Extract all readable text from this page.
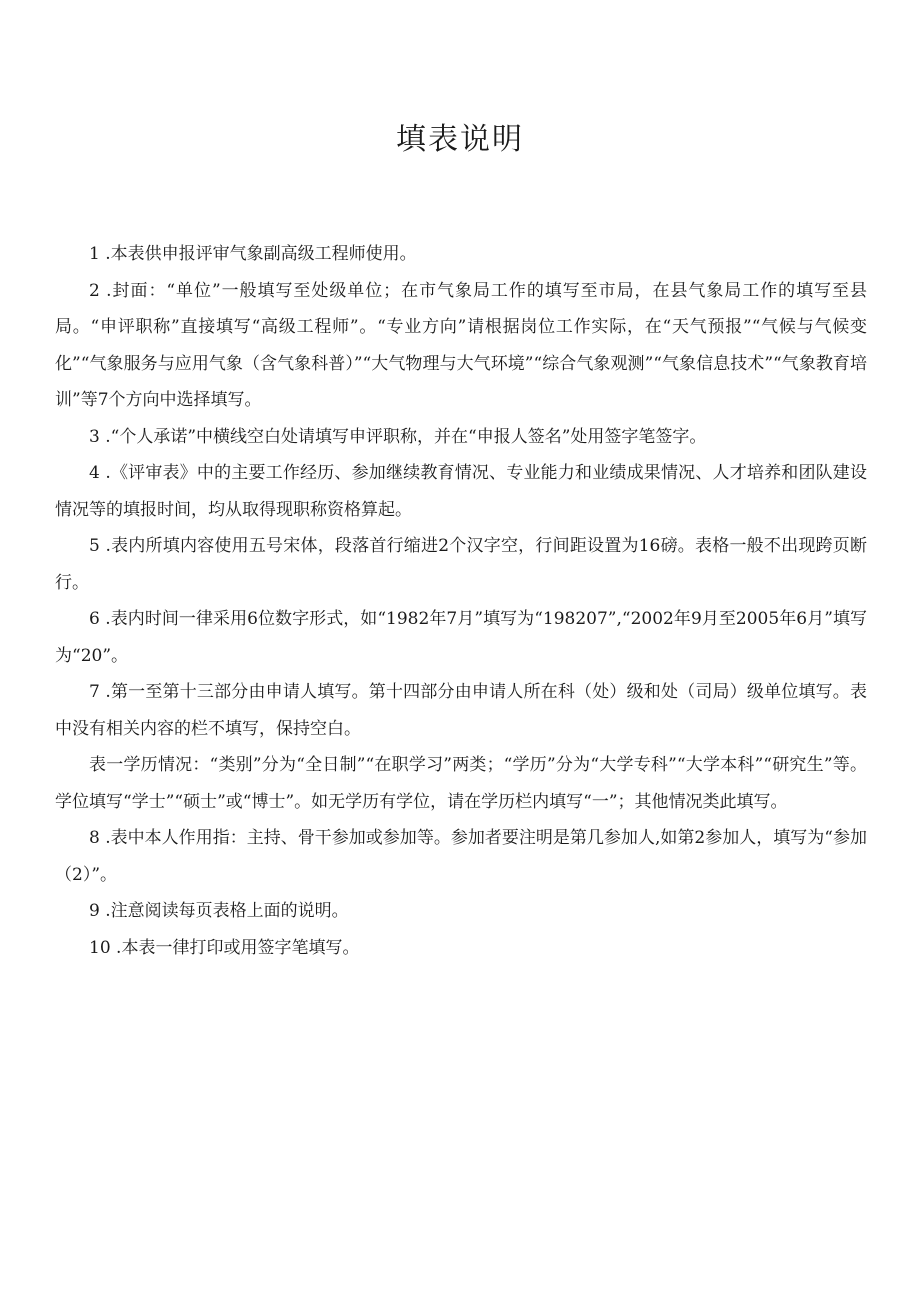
填表说明

1 .本表供申报评审气象副高级工程师使用。

2 .封面：“单位”一般填写至处级单位；在市气象局工作的填写至市局，在县气象局工作的填写至县局。“申评职称”直接填写“高级工程师”。“专业方向”请根据岗位工作实际，在“天气预报”“气候与气候变化”“气象服务与应用气象（含气象科普）”“大气物理与大气环境”“综合气象观测”“气象信息技术”“气象教育培训”等7个方向中选择填写。

3 .“个人承诺”中横线空白处请填写申评职称，并在“申报人签名”处用签字笔签字。

4 .《评审表》中的主要工作经历、参加继续教育情况、专业能力和业绩成果情况、人才培养和团队建设情况等的填报时间，均从取得现职称资格算起。

5 .表内所填内容使用五号宋体，段落首行缩进2个汉字空，行间距设置为16磅。表格一般不出现跨页断行。

6 .表内时间一律采用6位数字形式，如“1982年7月”填写为“198207”,“2002年9月至2005年6月”填写为“20”。

7 .第一至第十三部分由申请人填写。第十四部分由申请人所在科（处）级和处（司局）级单位填写。表中没有相关内容的栏不填写，保持空白。

表一学历情况：“类别”分为“全日制”“在职学习”两类；“学历”分为“大学专科”“大学本科”“研究生”等。学位填写“学士”“硕士”或“博士”。如无学历有学位，请在学历栏内填写“一”；其他情况类此填写。

8 .表中本人作用指：主持、骨干参加或参加等。参加者要注明是第几参加人,如第2参加人，填写为“参加（2）”。

9 .注意阅读每页表格上面的说明。

10 .本表一律打印或用签字笔填写。
